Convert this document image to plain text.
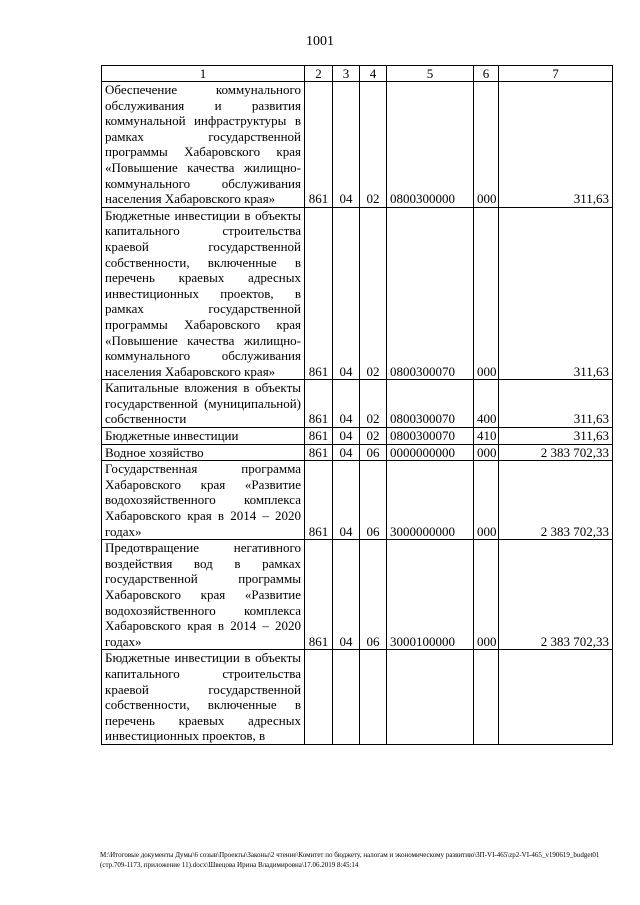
1001
1	2	3	4	5	6	7
Обеспечение коммунального обслуживания и развития коммунальной инфраструктуры в рамках государственной программы Хабаровского края «Повышение качества жилищно-коммунального обслуживания населения Хабаровского края»	861	04	02	0800300000	000	311,63
Бюджетные инвестиции в объекты капитального строительства краевой государственной собственности, включенные в перечень краевых адресных инвестиционных проектов, в рамках государственной программы Хабаровского края «Повышение качества жилищно-коммунального обслуживания населения Хабаровского края»	861	04	02	0800300070	000	311,63
Капитальные вложения в объекты государственной (муниципальной) собственности	861	04	02	0800300070	400	311,63
Бюджетные инвестиции	861	04	02	0800300070	410	311,63
Водное хозяйство	861	04	06	0000000000	000	2 383 702,33
Государственная программа Хабаровского края «Развитие водохозяйственного комплекса Хабаровского края в 2014 – 2020 годах»	861	04	06	3000000000	000	2 383 702,33
Предотвращение негативного воздействия вод в рамках государственной программы Хабаровского края «Развитие водохозяйственного комплекса Хабаровского края в 2014 – 2020 годах»	861	04	06	3000100000	000	2 383 702,33
Бюджетные инвестиции в объекты капитального строительства краевой государственной собственности, включенные в перечень краевых адресных инвестиционных проектов, в						
M:\Итоговые документы Думы\6 созыв\Проекты\Законы\2 чтение\Комитет по бюджету, налогам и экономическому развитию\3П-VI-465\zp2-VI-465_v190619_budget01 (стр.709-1173, приложение 11).docx\Швецова Ирина Владимировна\17.06.2019 8:45:14
